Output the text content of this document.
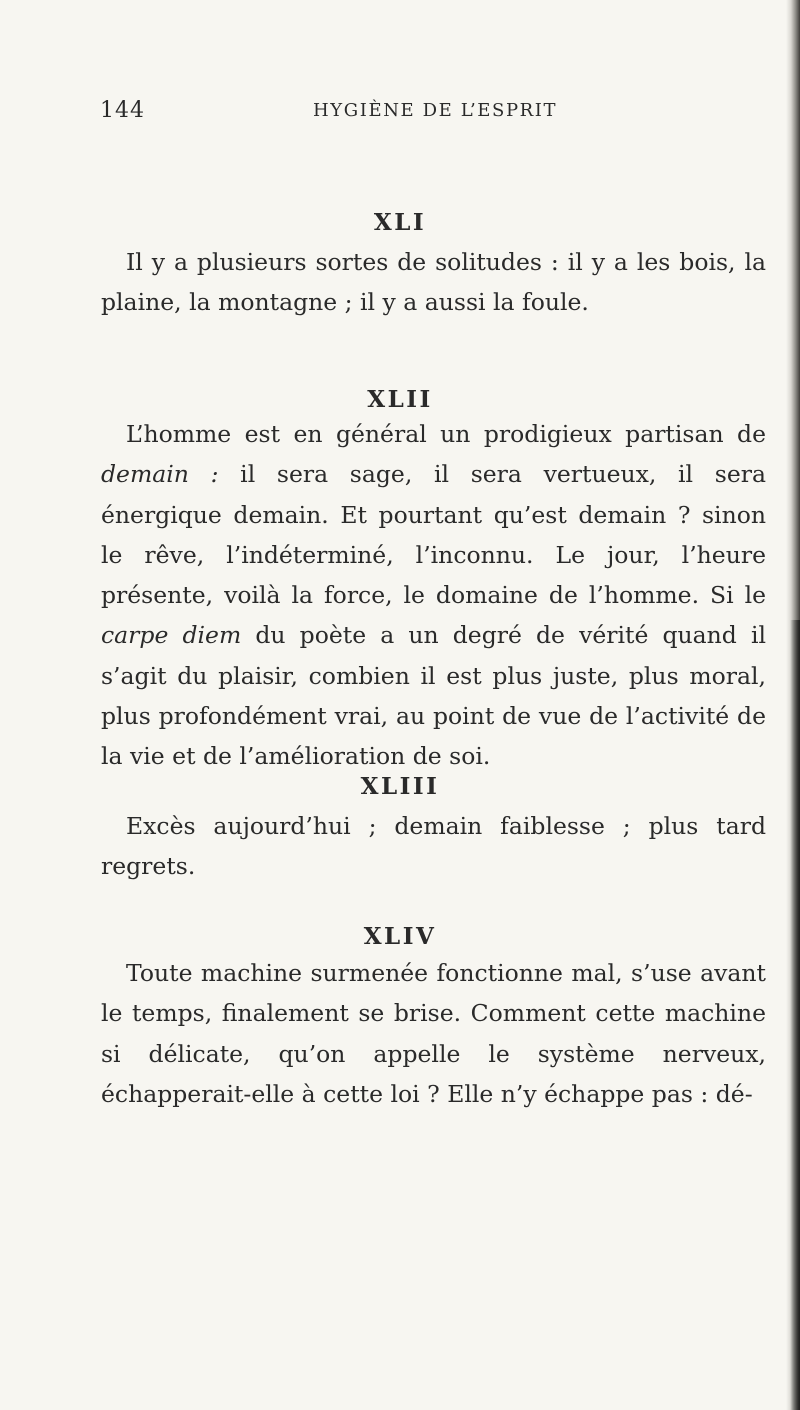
144	HYGIÈNE DE L’ESPRIT
XLI

Il y a plusieurs sortes de solitudes : il y a les bois, la plaine, la montagne ; il y a aussi la foule.

XLII

L’homme est en général un prodigieux partisan de demain : il sera sage, il sera vertueux, il sera énergique demain. Et pourtant qu’est demain ? sinon le rêve, l’indéterminé, l’inconnu. Le jour, l’heure présente, voilà la force, le domaine de l’homme. Si le carpe diem du poète a un degré de vérité quand il s’agit du plaisir, combien il est plus juste, plus moral, plus profondément vrai, au point de vue de l’activité de la vie et de l’amélioration de soi.

XLIII

Excès aujourd’hui ; demain faiblesse ; plus tard regrets.

XLIV

Toute machine surmenée fonctionne mal, s’use avant le temps, finalement se brise. Comment cette machine si délicate, qu’on appelle le système nerveux, échapperait-elle à cette loi ? Elle n’y échappe pas : dé-
